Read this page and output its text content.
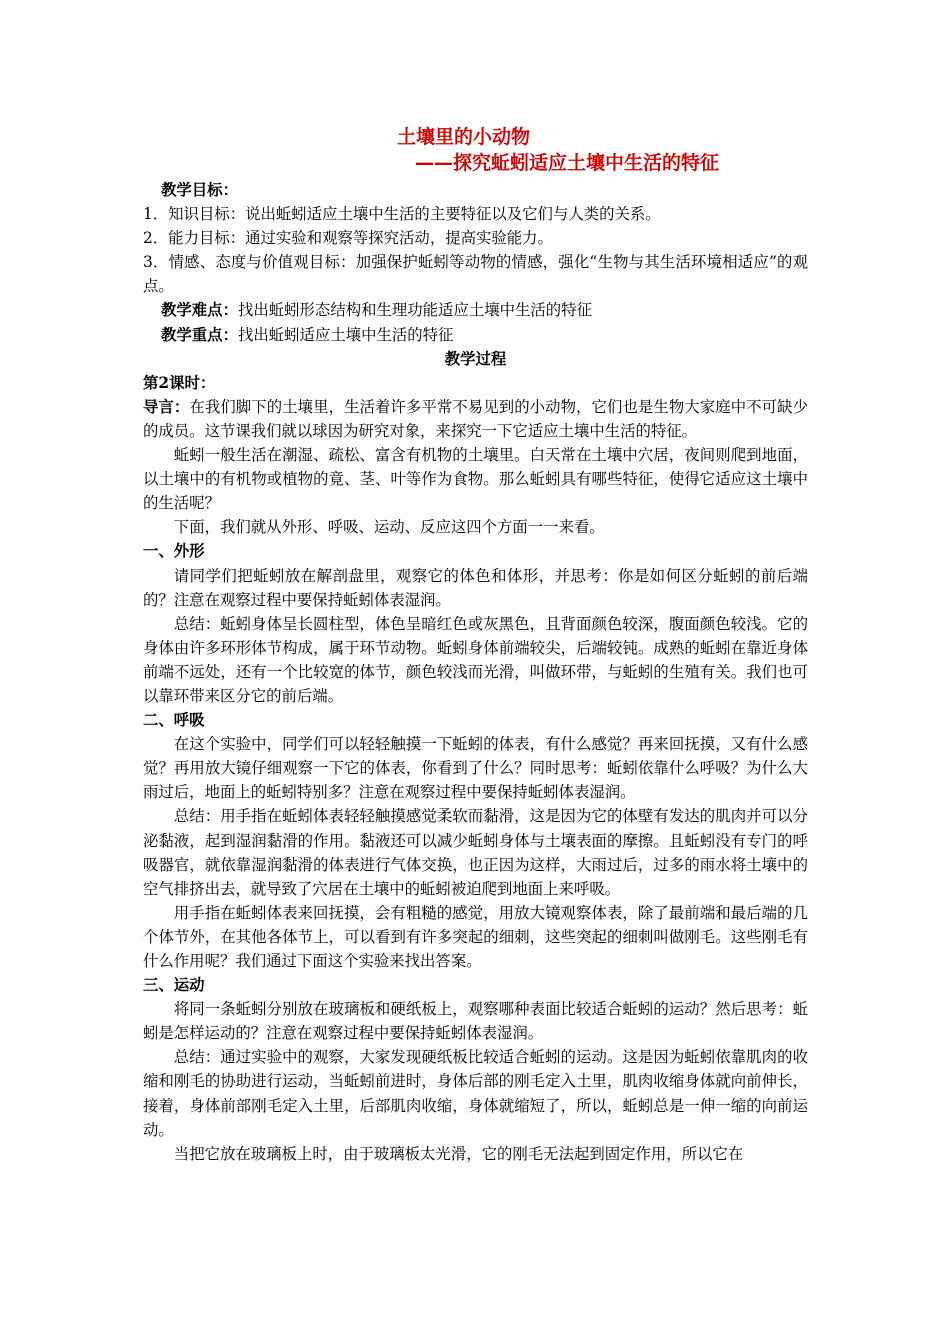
土壤里的小动物
——探究蚯蚓适应土壤中生活的特征

教学目标：

1．知识目标：说出蚯蚓适应土壤中生活的主要特征以及它们与人类的关系。

2．能力目标：通过实验和观察等探究活动，提高实验能力。

3．情感、态度与价值观目标：加强保护蚯蚓等动物的情感，强化“生物与其生活环境相适应”的观点。

教学难点：找出蚯蚓形态结构和生理功能适应土壤中生活的特征

教学重点：找出蚯蚓适应土壤中生活的特征

教学过程

第2课时：

导言：在我们脚下的土壤里，生活着许多平常不易见到的小动物，它们也是生物大家庭中不可缺少的成员。这节课我们就以球因为研究对象，来探究一下它适应土壤中生活的特征。

蚯蚓一般生活在潮湿、疏松、富含有机物的土壤里。白天常在土壤中穴居，夜间则爬到地面，以土壤中的有机物或植物的竟、茎、叶等作为食物。那么蚯蚓具有哪些特征，使得它适应这土壤中的生活呢？

下面，我们就从外形、呼吸、运动、反应这四个方面一一来看。

一、外形

请同学们把蚯蚓放在解剖盘里，观察它的体色和体形，并思考：你是如何区分蚯蚓的前后端的？注意在观察过程中要保持蚯蚓体表湿润。

总结：蚯蚓身体呈长圆柱型，体色呈暗红色或灰黑色，且背面颜色较深，腹面颜色较浅。它的身体由许多环形体节构成，属于环节动物。蚯蚓身体前端较尖，后端较钝。成熟的蚯蚓在靠近身体前端不远处，还有一个比较宽的体节，颜色较浅而光滑，叫做环带，与蚯蚓的生殖有关。我们也可以靠环带来区分它的前后端。

二、呼吸

在这个实验中，同学们可以轻轻触摸一下蚯蚓的体表，有什么感觉？再来回抚摸，又有什么感觉？再用放大镜仔细观察一下它的体表，你看到了什么？同时思考：蚯蚓依靠什么呼吸？为什么大雨过后，地面上的蚯蚓特别多？注意在观察过程中要保持蚯蚓体表湿润。

总结：用手指在蚯蚓体表轻轻触摸感觉柔软而黏滑，这是因为它的体壁有发达的肌肉并可以分泌黏液，起到湿润黏滑的作用。黏液还可以减少蚯蚓身体与土壤表面的摩擦。且蚯蚓没有专门的呼吸器官，就依靠湿润黏滑的体表进行气体交换，也正因为这样，大雨过后，过多的雨水将土壤中的空气排挤出去，就导致了穴居在土壤中的蚯蚓被迫爬到地面上来呼吸。

用手指在蚯蚓体表来回抚摸，会有粗糙的感觉，用放大镜观察体表，除了最前端和最后端的几个体节外，在其他各体节上，可以看到有许多突起的细刺，这些突起的细刺叫做刚毛。这些刚毛有什么作用呢？我们通过下面这个实验来找出答案。

三、运动

将同一条蚯蚓分别放在玻璃板和硬纸板上，观察哪种表面比较适合蚯蚓的运动？然后思考：蚯蚓是怎样运动的？注意在观察过程中要保持蚯蚓体表湿润。

总结：通过实验中的观察，大家发现硬纸板比较适合蚯蚓的运动。这是因为蚯蚓依靠肌肉的收缩和刚毛的协助进行运动，当蚯蚓前进时，身体后部的刚毛定入土里，肌肉收缩身体就向前伸长，接着，身体前部刚毛定入土里，后部肌肉收缩，身体就缩短了，所以，蚯蚓总是一伸一缩的向前运动。

当把它放在玻璃板上时，由于玻璃板太光滑，它的刚毛无法起到固定作用，所以它在
